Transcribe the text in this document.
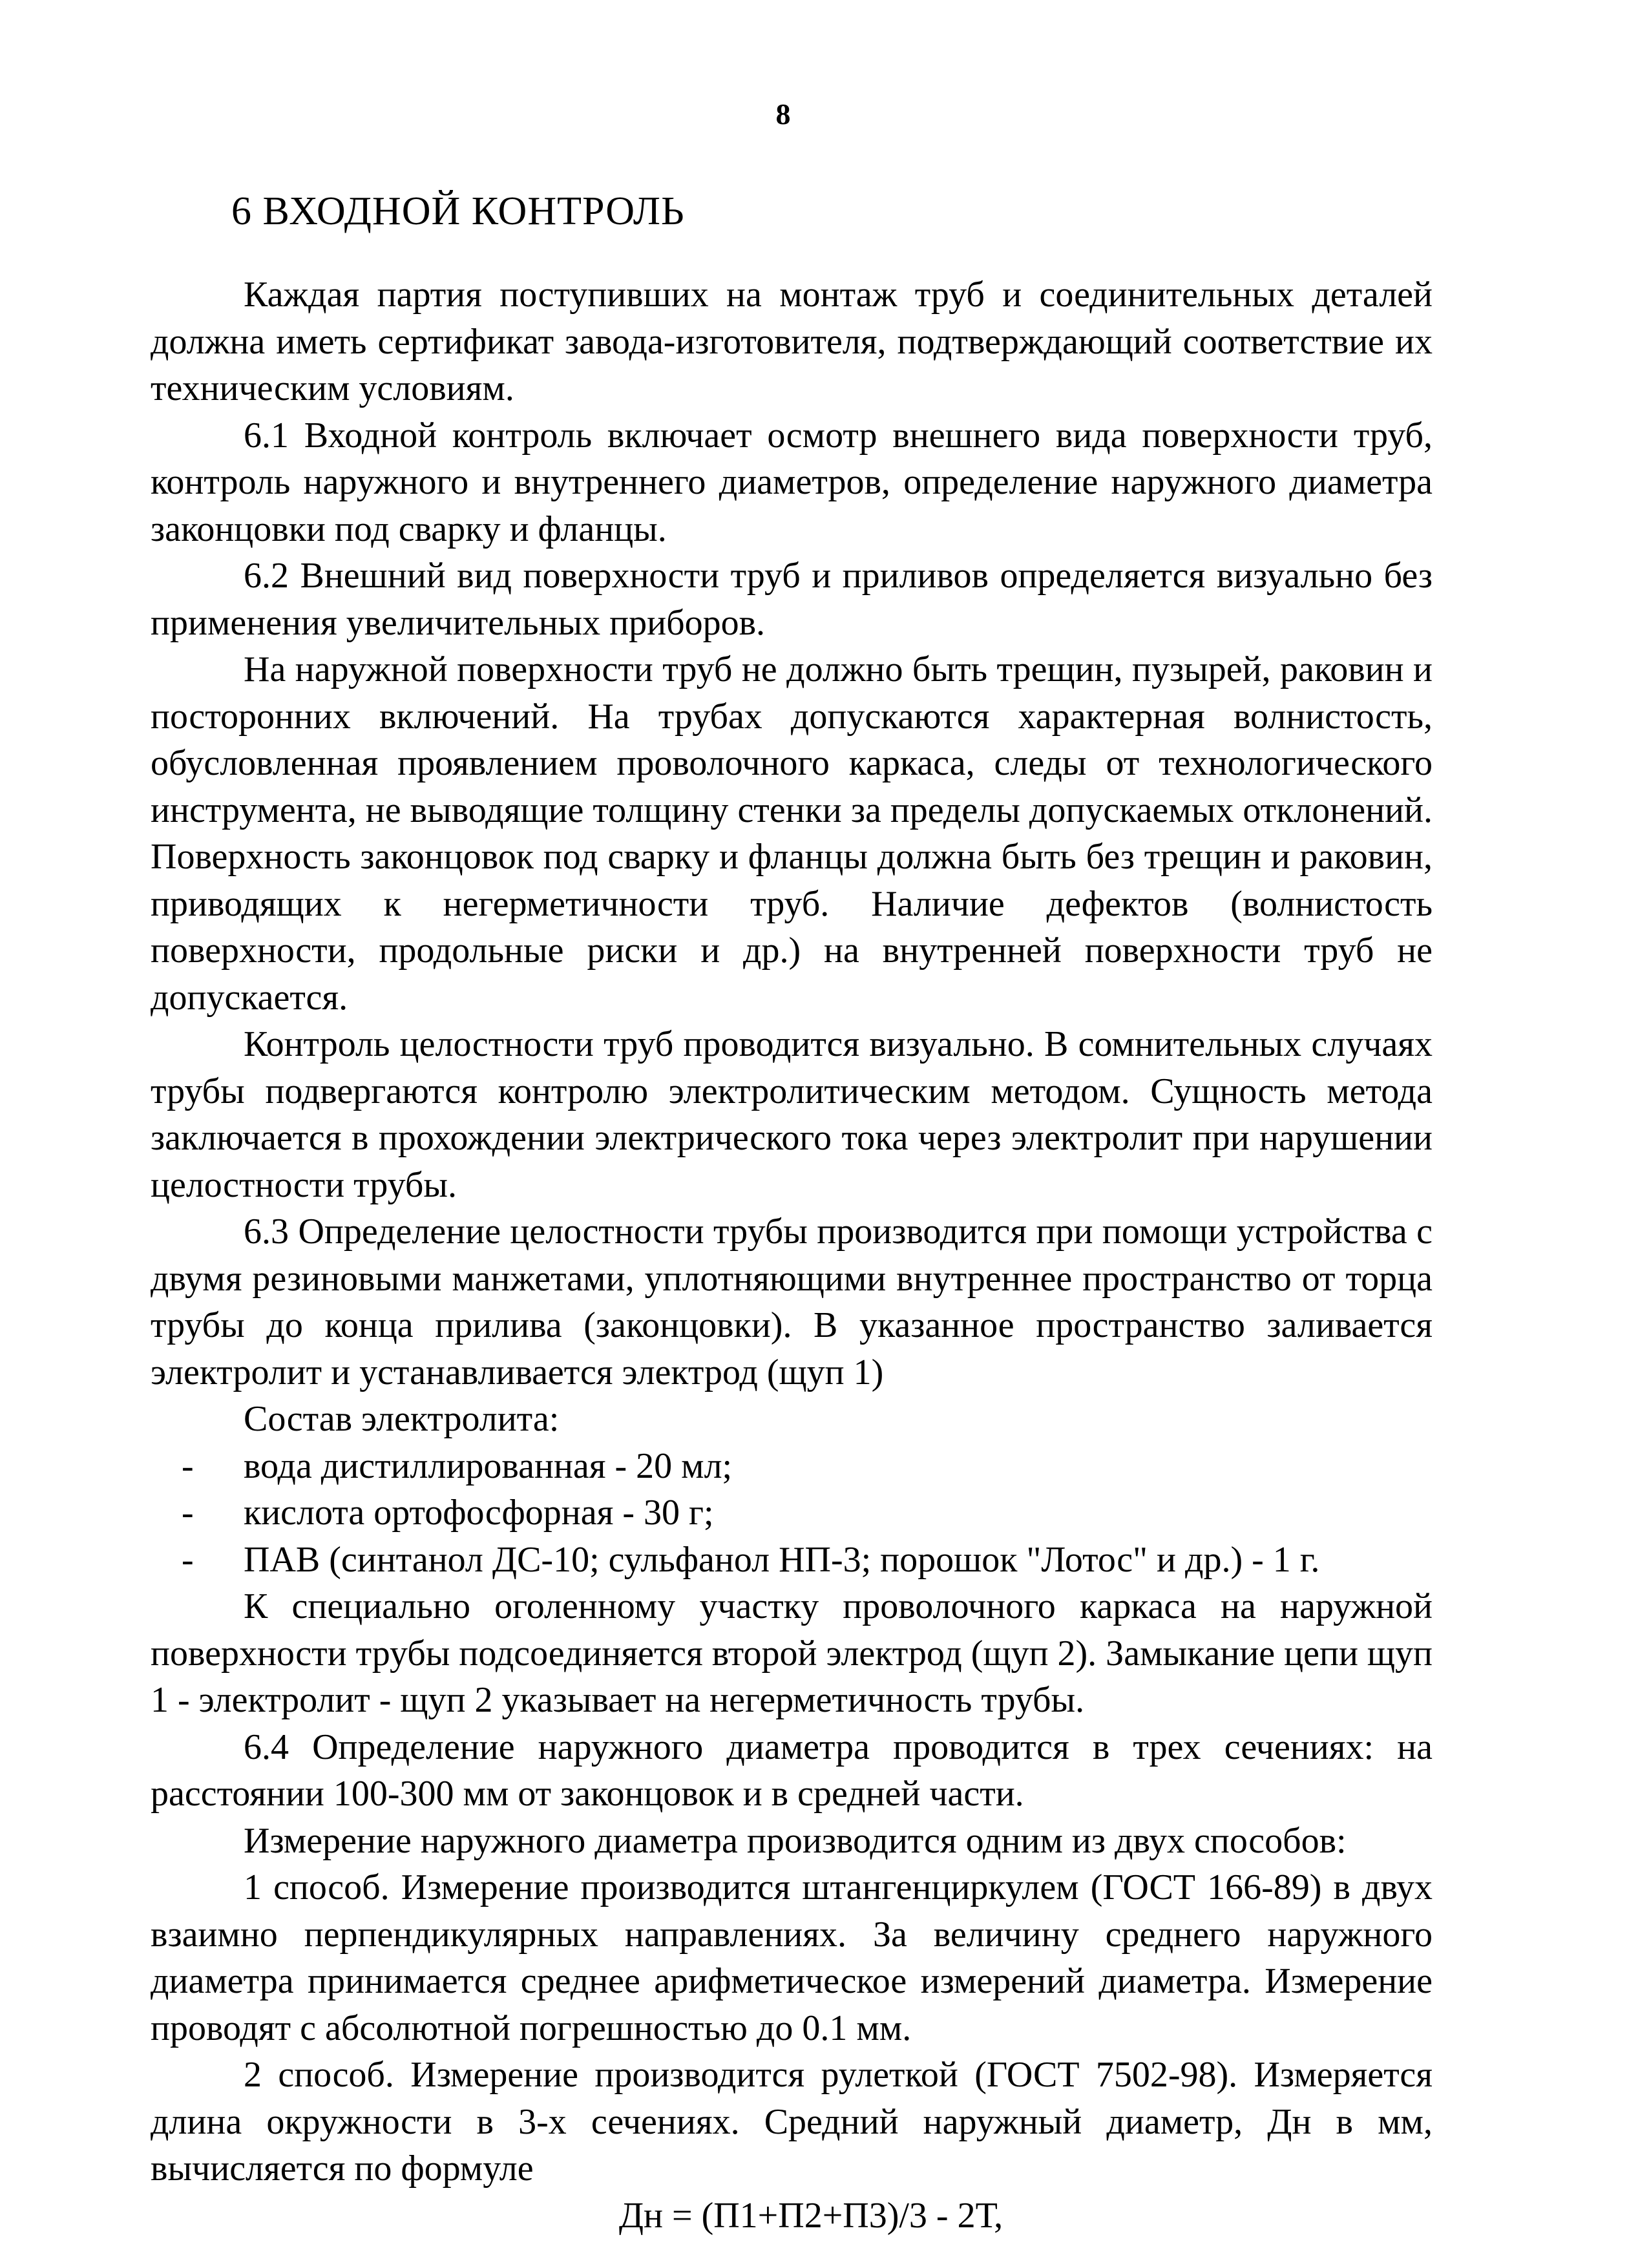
8
6 ВХОДНОЙ КОНТРОЛЬ

Каждая партия поступивших на монтаж труб и соединительных деталей должна иметь сертификат завода-изготовителя, подтверждающий соответствие их техническим условиям.

6.1 Входной контроль включает осмотр внешнего вида поверхности труб, контроль наружного и внутреннего диаметров, определение наружного диаметра законцовки под сварку и фланцы.

6.2 Внешний вид поверхности труб и приливов определяется визуально без применения увеличительных приборов.

На наружной поверхности труб не должно быть трещин, пузырей, раковин и посторонних включений. На трубах допускаются характерная волнистость, обусловленная проявлением проволочного каркаса, следы от технологического инструмента, не выводящие толщину стенки за пределы допускаемых отклонений. Поверхность законцовок под сварку и фланцы должна быть без трещин и раковин, приводящих к негерметичности труб. Наличие дефектов (волнистость поверхности, продольные риски и др.) на внутренней поверхности труб не допускается.

Контроль целостности труб проводится визуально. В сомнительных случаях трубы подвергаются контролю электролитическим методом. Сущность метода заключается в прохождении электрического тока через электролит при нарушении целостности трубы.

6.3 Определение целостности трубы производится при помощи устройства с двумя резиновыми манжетами, уплотняющими внутреннее пространство от торца трубы до конца прилива (законцовки). В указанное пространство заливается электролит и устанавливается электрод (щуп 1)

Состав электролита:

- вода дистиллированная - 20 мл;
- кислота ортофосфорная - 30 г;
- ПАВ (синтанол ДС-10; сульфанол НП-3; порошок "Лотос" и др.) - 1 г.

К специально оголенному участку проволочного каркаса на наружной поверхности трубы подсоединяется второй электрод (щуп 2). Замыкание цепи щуп 1 - электролит - щуп 2 указывает на негерметичность трубы.

6.4 Определение наружного диаметра проводится в трех сечениях: на расстоянии 100-300 мм от законцовок и в средней части.

Измерение наружного диаметра производится одним из двух способов:

1 способ. Измерение производится штангенциркулем (ГОСТ 166-89) в двух взаимно перпендикулярных направлениях. За величину среднего наружного диаметра принимается среднее арифметическое измерений диаметра. Измерение проводят с абсолютной погрешностью до 0.1 мм.

2 способ. Измерение производится рулеткой (ГОСТ 7502-98). Измеряется длина окружности в 3-х сечениях. Средний наружный диаметр, Дн в мм, вычисляется по формуле

Дн = (П1+П2+П3)/3 - 2Т,
